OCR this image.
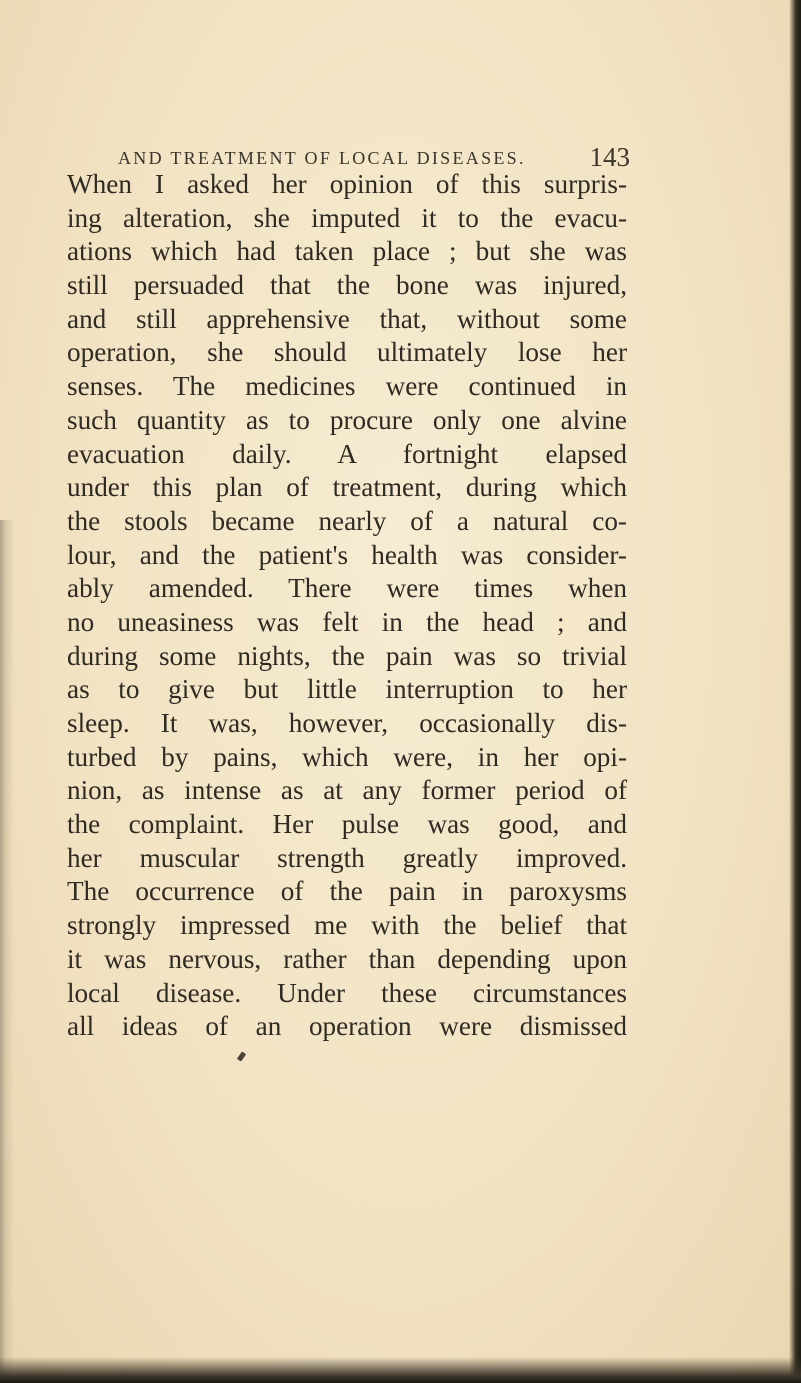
AND TREATMENT OF LOCAL DISEASES. 143
When I asked her opinion of this surpris-
ing alteration, she imputed it to the evacu-
ations which had taken place ; but she was
still persuaded that the bone was injured,
and still apprehensive that, without some
operation, she should ultimately lose her
senses. The medicines were continued in
such quantity as to procure only one alvine
evacuation daily. A fortnight elapsed
under this plan of treatment, during which
the stools became nearly of a natural co-
lour, and the patient's health was consider-
ably amended. There were times when
no uneasiness was felt in the head ; and
during some nights, the pain was so trivial
as to give but little interruption to her
sleep. It was, however, occasionally dis-
turbed by pains, which were, in her opi-
nion, as intense as at any former period of
the complaint. Her pulse was good, and
her muscular strength greatly improved.
The occurrence of the pain in paroxysms
strongly impressed me with the belief that
it was nervous, rather than depending upon
local disease. Under these circumstances
all ideas of an operation were dismissed
